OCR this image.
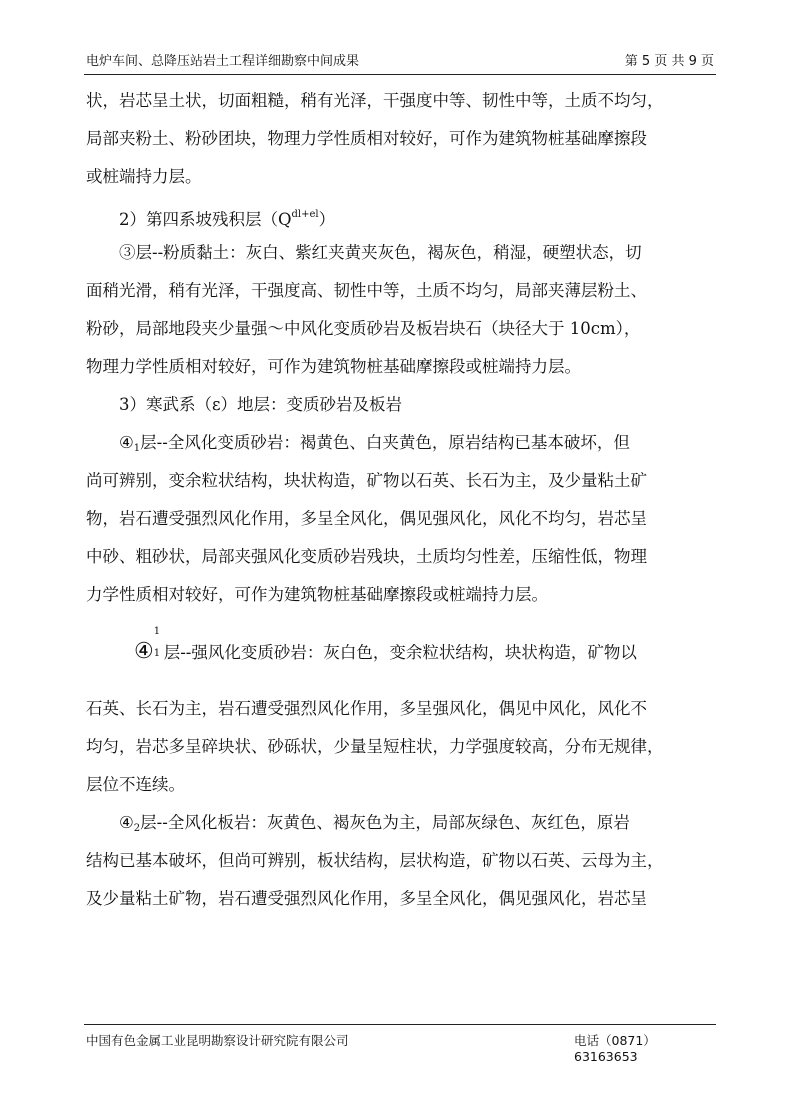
电炉车间、总降压站岩土工程详细勘察中间成果	第 5 页 共 9 页
状，岩芯呈土状，切面粗糙，稍有光泽，干强度中等、韧性中等，土质不均匀，
局部夹粉土、粉砂团块，物理力学性质相对较好，可作为建筑物桩基础摩擦段
或桩端持力层。
2）第四系坡残积层$(Q^{dl+el})$
③层--粉质黏土：灰白、紫红夹黄夹灰色，褐灰色，稍湿，硬塑状态，切
面稍光滑，稍有光泽，干强度高、韧性中等，土质不均匀，局部夹薄层粉土、
粉砂，局部地段夹少量强～中风化变质砂岩及板岩块石（块径大于 10cm），
物理力学性质相对较好，可作为建筑物桩基础摩擦段或桩端持力层。
3）寒武系（ε）地层：变质砂岩及板岩
$④_1$层--全风化变质砂岩：褐黄色、白夹黄色，原岩结构已基本破坏，但
尚可辨别，变余粒状结构，块状构造，矿物以石英、长石为主，及少量粘土矿
物，岩石遭受强烈风化作用，多呈全风化，偶见强风化，风化不均匀，岩芯呈
中砂、粗砂状，局部夹强风化变质砂岩残块，土质均匀性差，压缩性低，物理
力学性质相对较好，可作为建筑物桩基础摩擦段或桩端持力层。
④
1
1 层--强风化变质砂岩：灰白色，变余粒状结构，块状构造，矿物以
石英、长石为主，岩石遭受强烈风化作用，多呈强风化，偶见中风化，风化不
均匀，岩芯多呈碎块状、砂砾状，少量呈短柱状，力学强度较高，分布无规律，
层位不连续。
$④_2$层--全风化板岩：灰黄色、褐灰色为主，局部灰绿色、灰红色，原岩
结构已基本破坏，但尚可辨别，板状结构，层状构造，矿物以石英、云母为主，
及少量粘土矿物，岩石遭受强烈风化作用，多呈全风化，偶见强风化，岩芯呈
中国有色金属工业昆明勘察设计研究院有限公司	电话（0871）63163653
